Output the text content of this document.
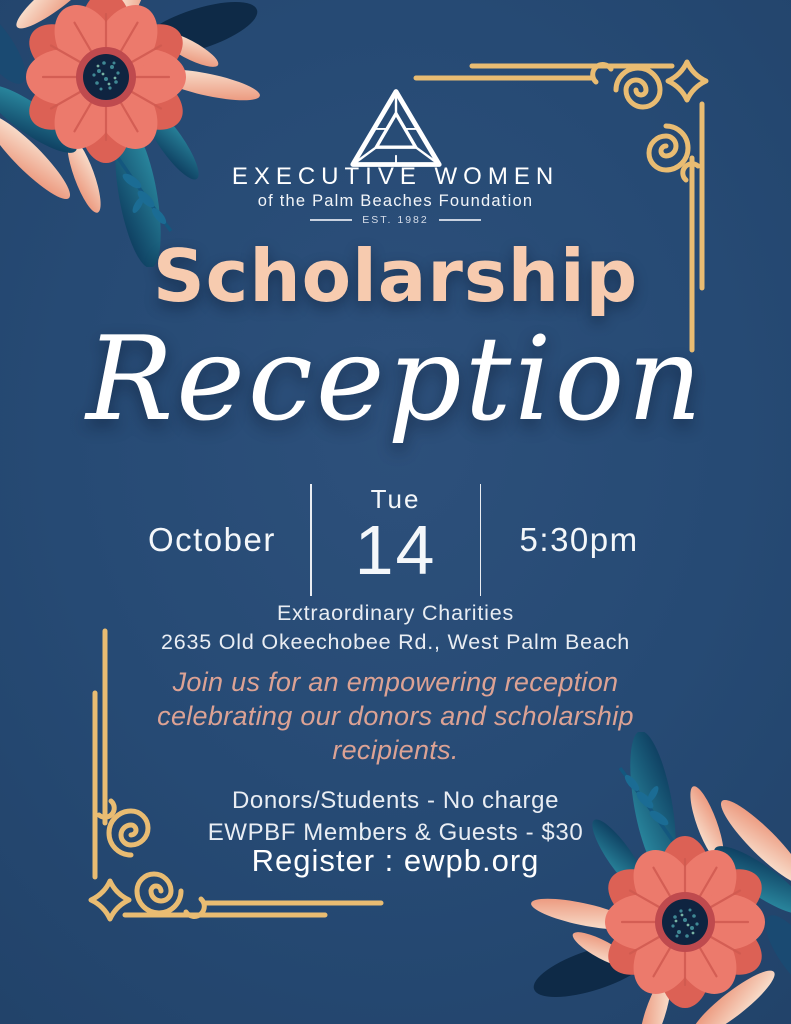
EXECUTIVE WOMEN
of the Palm Beaches Foundation
EST. 1982
Scholarship
Reception
October
Tue
14	5:30pm
Extraordinary Charities
2635 Old Okeechobee Rd., West Palm Beach
Join us for an empowering reception celebrating our donors and scholarship recipients.
Donors/Students - No charge
EWPBF Members & Guests - $30
Register : ewpb.org
